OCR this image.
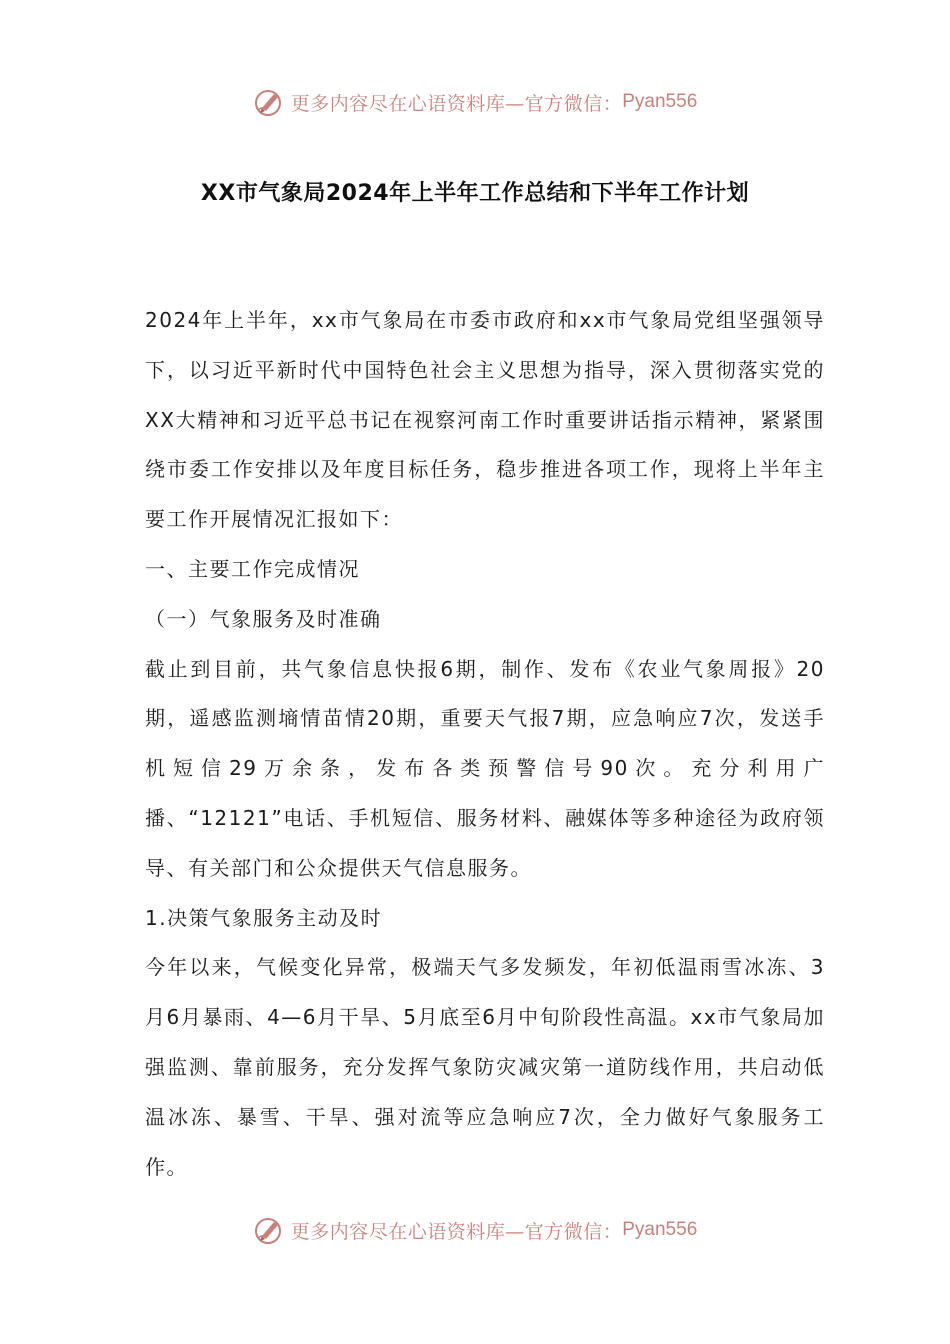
更多内容尽在心语资料库—官方微信： Pyan556
XX市气象局2024年上半年工作总结和下半年工作计划

2024年上半年，xx市气象局在市委市政府和xx市气象局党组坚强领导下，以习近平新时代中国特色社会主义思想为指导，深入贯彻落实党的XX大精神和习近平总书记在视察河南工作时重要讲话指示精神，紧紧围绕市委工作安排以及年度目标任务，稳步推进各项工作，现将上半年主要工作开展情况汇报如下：

一、主要工作完成情况

（一）气象服务及时准确

截止到目前，共气象信息快报6期，制作、发布《农业气象周报》20期，遥感监测墒情苗情20期，重要天气报7期，应急响应7次，发送手机短信29万余条，发布各类预警信号90次。充分利用广播、“12121”电话、手机短信、服务材料、融媒体等多种途径为政府领导、有关部门和公众提供天气信息服务。

1.决策气象服务主动及时

今年以来，气候变化异常，极端天气多发频发，年初低温雨雪冰冻、3月6月暴雨、4—6月干旱、5月底至6月中旬阶段性高温。xx市气象局加强监测、靠前服务，充分发挥气象防灾减灾第一道防线作用，共启动低温冰冻、暴雪、干旱、强对流等应急响应7次，全力做好气象服务工作。

更多内容尽在心语资料库—官方微信： Pyan556
